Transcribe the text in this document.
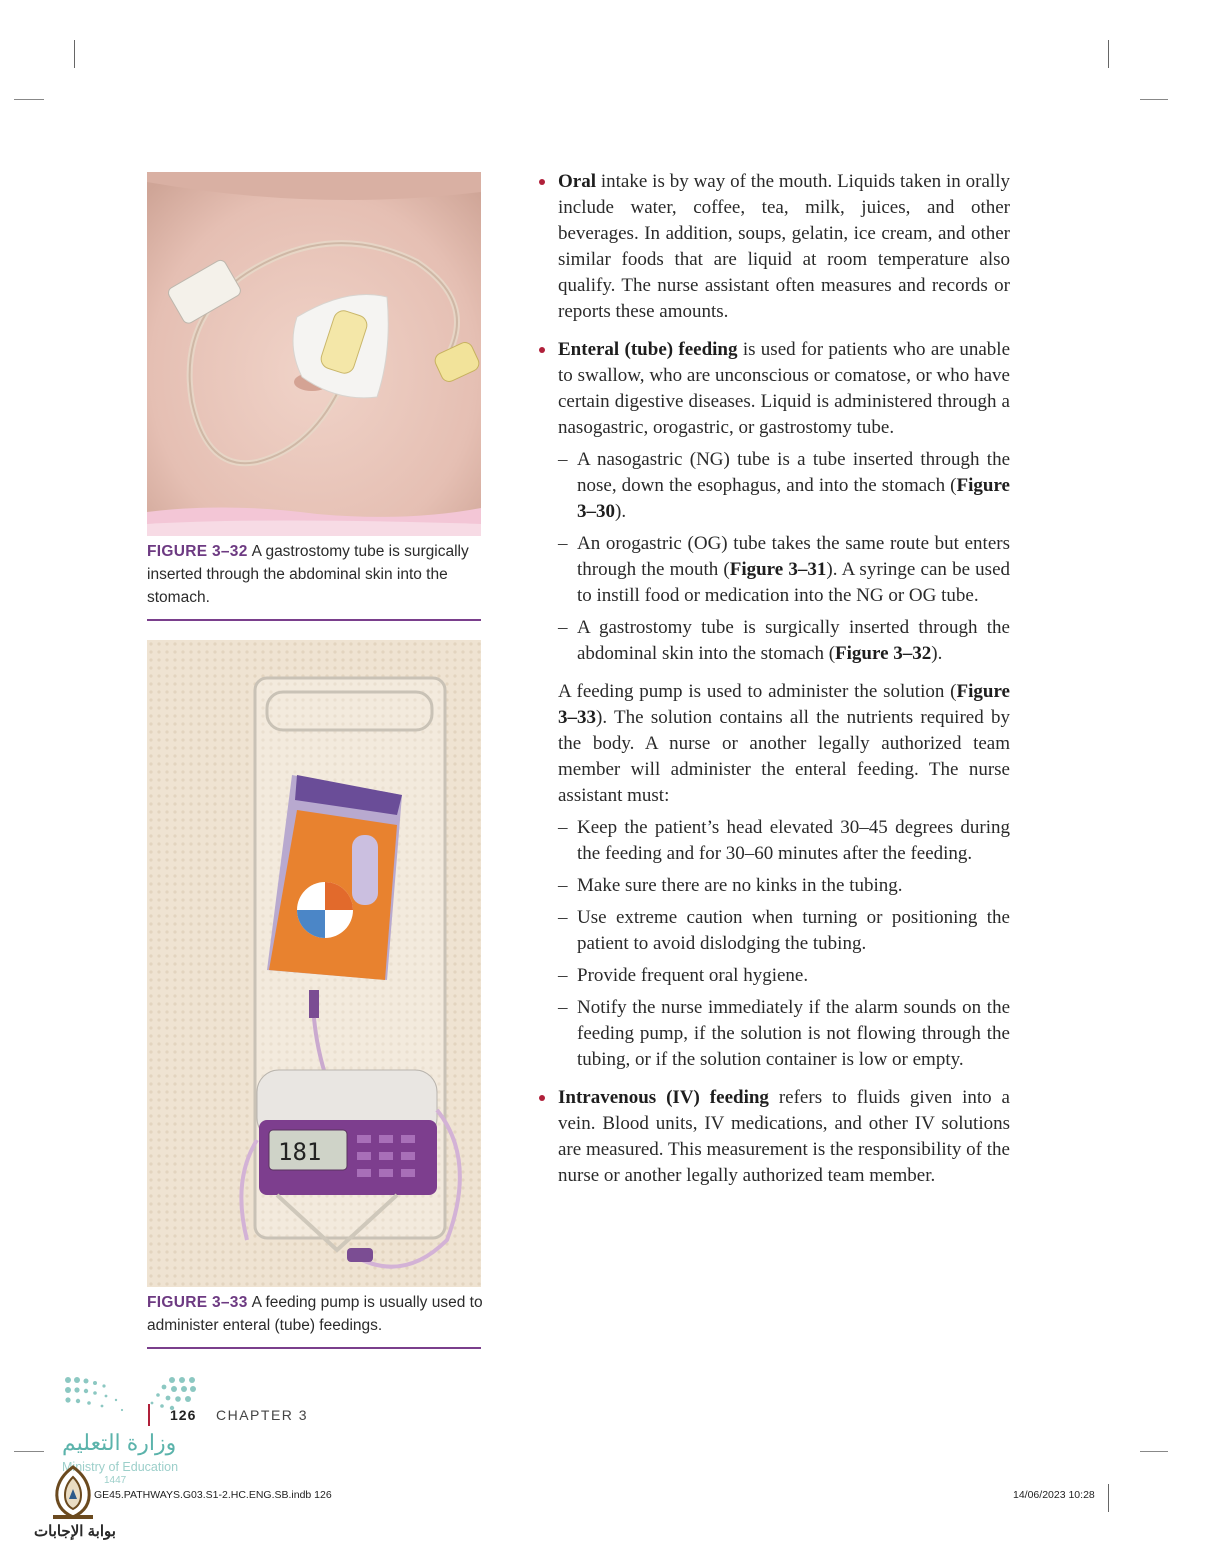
FIGURE 3–32 A gastrostomy tube is surgically inserted through the abdominal skin into the stomach.
181
FIGURE 3–33 A feeding pump is usually used to administer enteral (tube) feedings.

Oral intake is by way of the mouth. Liquids taken in orally include water, coffee, tea, milk, juices, and other beverages. In addition, soups, gelatin, ice cream, and other similar foods that are liquid at room temperature also qualify. The nurse assistant often measures and records or reports these amounts.

Enteral (tube) feeding is used for patients who are unable to swallow, who are unconscious or comatose, or who have certain digestive diseases. Liquid is administered through a nasogastric, orogastric, or gastrostomy tube.

– A nasogastric (NG) tube is a tube inserted through the nose, down the esophagus, and into the stomach (Figure 3–30).

– An orogastric (OG) tube takes the same route but enters through the mouth (Figure 3–31). A syringe can be used to instill food or medication into the NG or OG tube.

– A gastrostomy tube is surgically inserted through the abdominal skin into the stomach (Figure 3–32).

A feeding pump is used to administer the solution (Figure 3–33). The solution contains all the nutrients required by the body. A nurse or another legally authorized team member will administer the enteral feeding. The nurse assistant must:

– Keep the patient’s head elevated 30–45 degrees during the feeding and for 30–60 minutes after the feeding.

– Make sure there are no kinks in the tubing.

– Use extreme caution when turning or positioning the patient to avoid dislodging the tubing.

– Provide frequent oral hygiene.

– Notify the nurse immediately if the alarm sounds on the feeding pump, if the solution is not flowing through the tubing, or if the solution container is low or empty.

Intravenous (IV) feeding refers to fluids given into a vein. Blood units, IV medications, and other IV solutions are measured. This measurement is the responsibility of the nurse or another legally authorized team member.

126 CHAPTER 3
وزارة التعليم
Ministry of Education
1447
GE45.PATHWAYS.G03.S1-2.HC.ENG.SB.indb 126	14/06/2023 10:28
بوابة الإجابات
